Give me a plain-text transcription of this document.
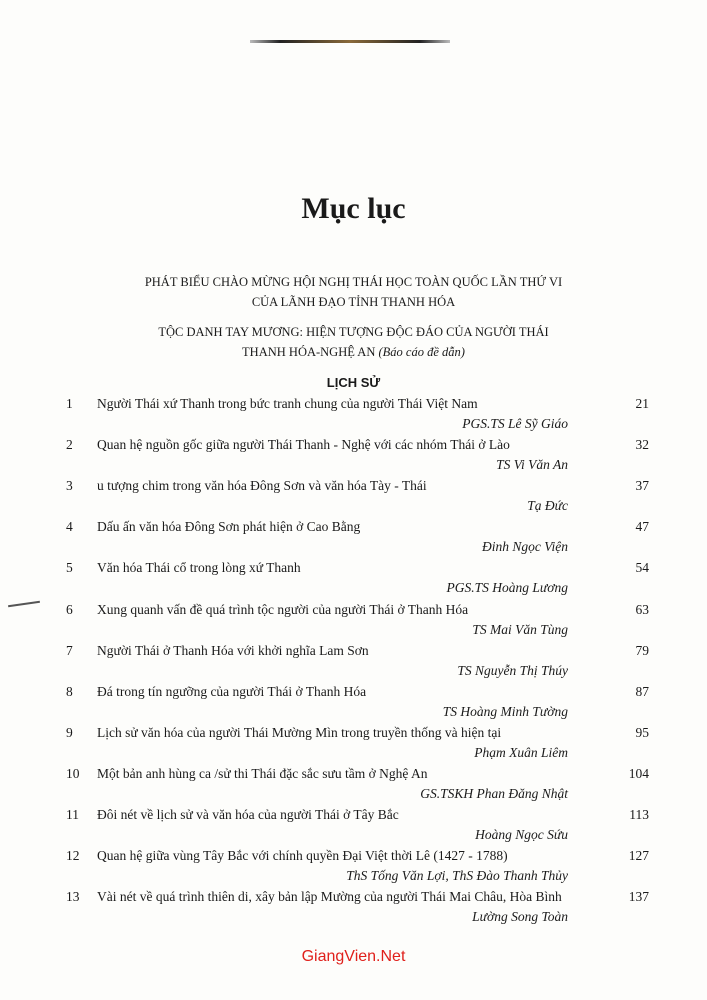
Mục lục
PHÁT BIỂU CHÀO MỪNG HỘI NGHỊ THÁI HỌC TOÀN QUỐC LẦN THỨ VI
CỦA LÃNH ĐẠO TỈNH THANH HÓA
TỘC DANH TAY MƯƠNG: HIỆN TƯỢNG ĐỘC ĐÁO CỦA NGƯỜI THÁI
THANH HÓA-NGHỆ AN (Báo cáo đề dẫn)
LỊCH SỬ
1 Người Thái xứ Thanh trong bức tranh chung của người Thái Việt Nam	21
PGS.TS Lê Sỹ Giáo
2 Quan hệ nguồn gốc giữa người Thái Thanh - Nghệ với các nhóm Thái ở Lào	32
TS Vi Văn An
3 u tượng chim trong văn hóa Đông Sơn và văn hóa Tày - Thái	37
Tạ Đức
4 Dấu ấn văn hóa Đông Sơn phát hiện ở Cao Bằng	47
Đinh Ngọc Viện
5 Văn hóa Thái cổ trong lòng xứ Thanh	54
PGS.TS Hoàng Lương
6 Xung quanh vấn đề quá trình tộc người của người Thái ở Thanh Hóa	63
TS Mai Văn Tùng
7 Người Thái ở Thanh Hóa với khởi nghĩa Lam Sơn	79
TS Nguyễn Thị Thúy
8 Đá trong tín ngưỡng của người Thái ở Thanh Hóa	87
TS Hoàng Minh Tường
9 Lịch sử văn hóa của người Thái Mường Mìn trong truyền thống và hiện tại	95
Phạm Xuân Liêm
10 Một bản anh hùng ca /sử thi Thái đặc sắc sưu tầm ở Nghệ An	104
GS.TSKH Phan Đăng Nhật
11 Đôi nét về lịch sử và văn hóa của người Thái ở Tây Bắc	113
Hoàng Ngọc Sứu
12 Quan hệ giữa vùng Tây Bắc với chính quyền Đại Việt thời Lê (1427 - 1788)	127
ThS Tống Văn Lợi, ThS Đào Thanh Thủy
13 Vài nét về quá trình thiên di, xây bản lập Mường của người Thái Mai Châu, Hòa Bình	137
Lường Song Toàn
GiangVien.Net
